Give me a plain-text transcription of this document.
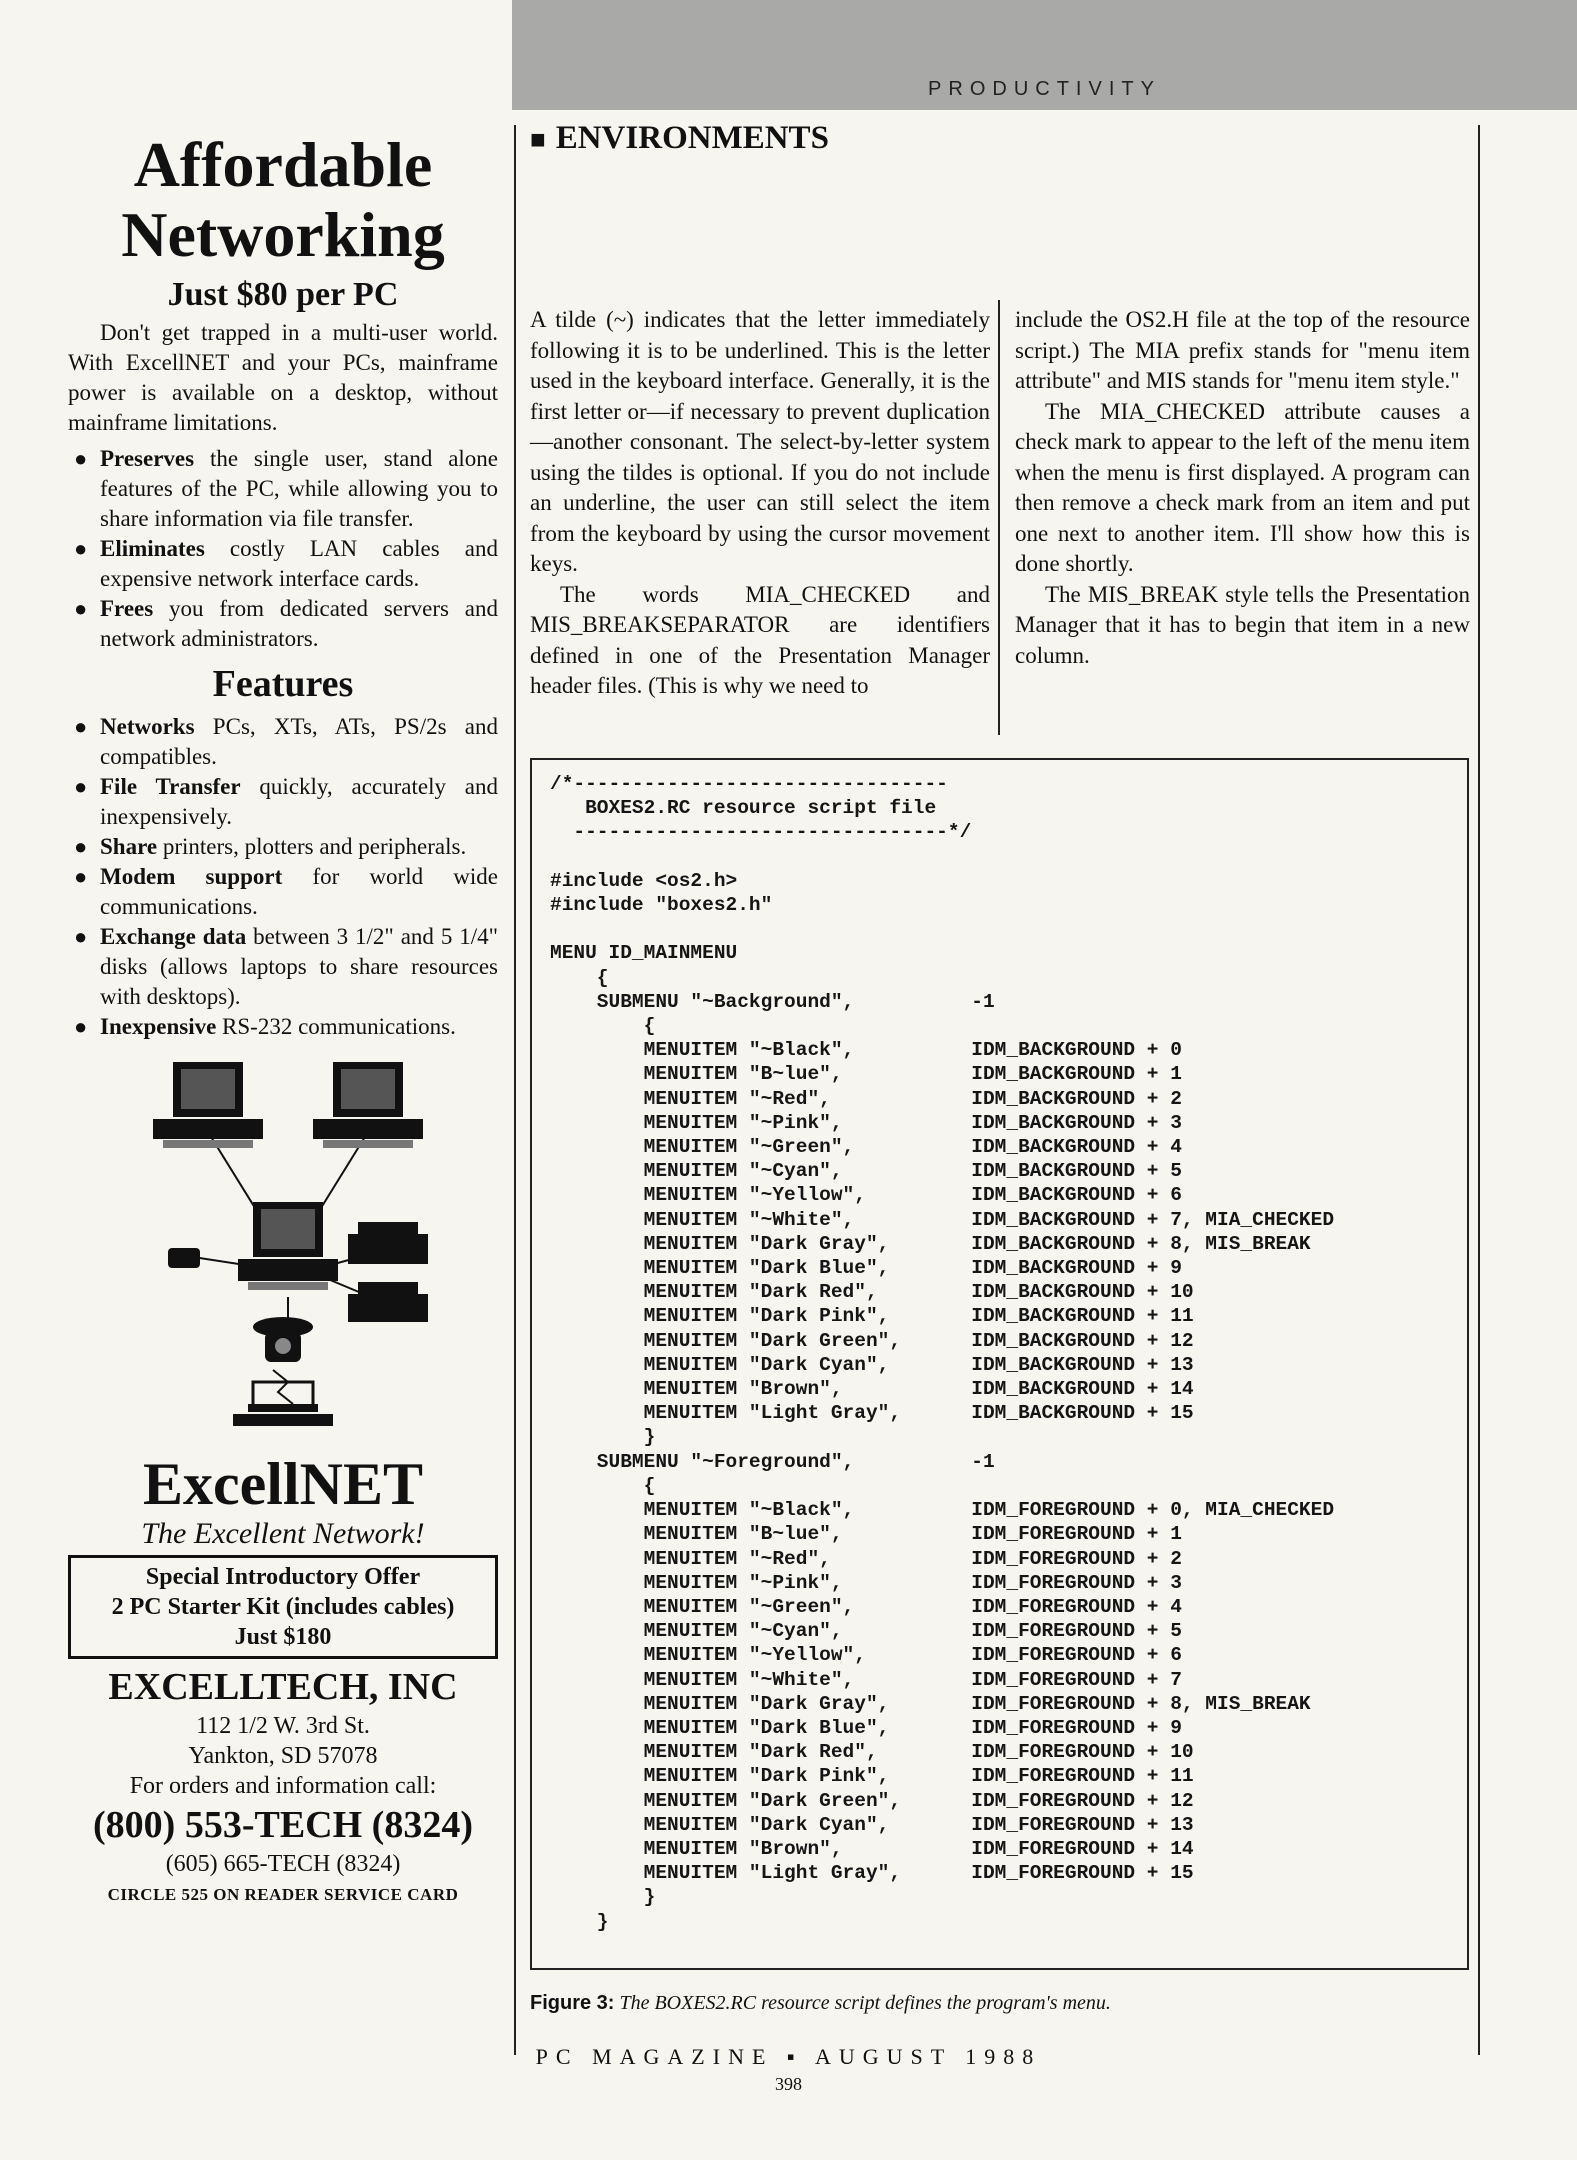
PRODUCTIVITY
Affordable
Networking
Just $80 per PC

Don't get trapped in a multi-user world. With ExcellNET and your PCs, mainframe power is available on a desktop, without mainframe limitations.

● Preserves the single user, stand alone features of the PC, while allowing you to share information via file transfer.
● Eliminates costly LAN cables and expensive network interface cards.
● Frees you from dedicated servers and network administrators.
Features
● Networks PCs, XTs, ATs, PS/2s and compatibles.
● File Transfer quickly, accurately and inexpensively.
● Share printers, plotters and peripherals.
● Modem support for world wide communications.
● Exchange data between 3 1/2" and 5 1/4" disks (allows laptops to share resources with desktops).
● Inexpensive RS-232 communications.
ExcellNET
The Excellent Network!
Special Introductory Offer
2 PC Starter Kit (includes cables)
Just $180
EXCELLTECH, INC
112 1/2 W. 3rd St.
Yankton, SD 57078
For orders and information call:
(800) 553-TECH (8324)
(605) 665-TECH (8324)
CIRCLE 525 ON READER SERVICE CARD
■ ENVIRONMENTS

A tilde (~) indicates that the letter immediately following it is to be underlined. This is the letter used in the keyboard interface. Generally, it is the first letter or—if necessary to prevent duplication—another consonant. The select-by-letter system using the tildes is optional. If you do not include an underline, the user can still select the item from the keyboard by using the cursor movement keys.

The words MIA_CHECKED and MIS_BREAKSEPARATOR are identifiers defined in one of the Presentation Manager header files. (This is why we need to

include the OS2.H file at the top of the resource script.) The MIA prefix stands for "menu item attribute" and MIS stands for "menu item style."

The MIA_CHECKED attribute causes a check mark to appear to the left of the menu item when the menu is first displayed. A program can then remove a check mark from an item and put one next to another item. I'll show how this is done shortly.

The MIS_BREAK style tells the Presentation Manager that it has to begin that item in a new column.

/*--------------------------------
BOXES2.RC resource script file
--------------------------------*/

#include <os2.h>
#include "boxes2.h"

MENU ID_MAINMENU
{
SUBMENU "~Background",          -1
{
MENUITEM "~Black",          IDM_BACKGROUND + 0
MENUITEM "B~lue",           IDM_BACKGROUND + 1
MENUITEM "~Red",            IDM_BACKGROUND + 2
MENUITEM "~Pink",           IDM_BACKGROUND + 3
MENUITEM "~Green",          IDM_BACKGROUND + 4
MENUITEM "~Cyan",           IDM_BACKGROUND + 5
MENUITEM "~Yellow",         IDM_BACKGROUND + 6
MENUITEM "~White",          IDM_BACKGROUND + 7, MIA_CHECKED
MENUITEM "Dark Gray",       IDM_BACKGROUND + 8, MIS_BREAK
MENUITEM "Dark Blue",       IDM_BACKGROUND + 9
MENUITEM "Dark Red",        IDM_BACKGROUND + 10
MENUITEM "Dark Pink",       IDM_BACKGROUND + 11
MENUITEM "Dark Green",      IDM_BACKGROUND + 12
MENUITEM "Dark Cyan",       IDM_BACKGROUND + 13
MENUITEM "Brown",           IDM_BACKGROUND + 14
MENUITEM "Light Gray",      IDM_BACKGROUND + 15
}
SUBMENU "~Foreground",          -1
{
MENUITEM "~Black",          IDM_FOREGROUND + 0, MIA_CHECKED
MENUITEM "B~lue",           IDM_FOREGROUND + 1
MENUITEM "~Red",            IDM_FOREGROUND + 2
MENUITEM "~Pink",           IDM_FOREGROUND + 3
MENUITEM "~Green",          IDM_FOREGROUND + 4
MENUITEM "~Cyan",           IDM_FOREGROUND + 5
MENUITEM "~Yellow",         IDM_FOREGROUND + 6
MENUITEM "~White",          IDM_FOREGROUND + 7
MENUITEM "Dark Gray",       IDM_FOREGROUND + 8, MIS_BREAK
MENUITEM "Dark Blue",       IDM_FOREGROUND + 9
MENUITEM "Dark Red",        IDM_FOREGROUND + 10
MENUITEM "Dark Pink",       IDM_FOREGROUND + 11
MENUITEM "Dark Green",      IDM_FOREGROUND + 12
MENUITEM "Dark Cyan",       IDM_FOREGROUND + 13
MENUITEM "Brown",           IDM_FOREGROUND + 14
MENUITEM "Light Gray",      IDM_FOREGROUND + 15
}
}
Figure 3: The BOXES2.RC resource script defines the program's menu.
PC MAGAZINE ▪ AUGUST 1988
398
